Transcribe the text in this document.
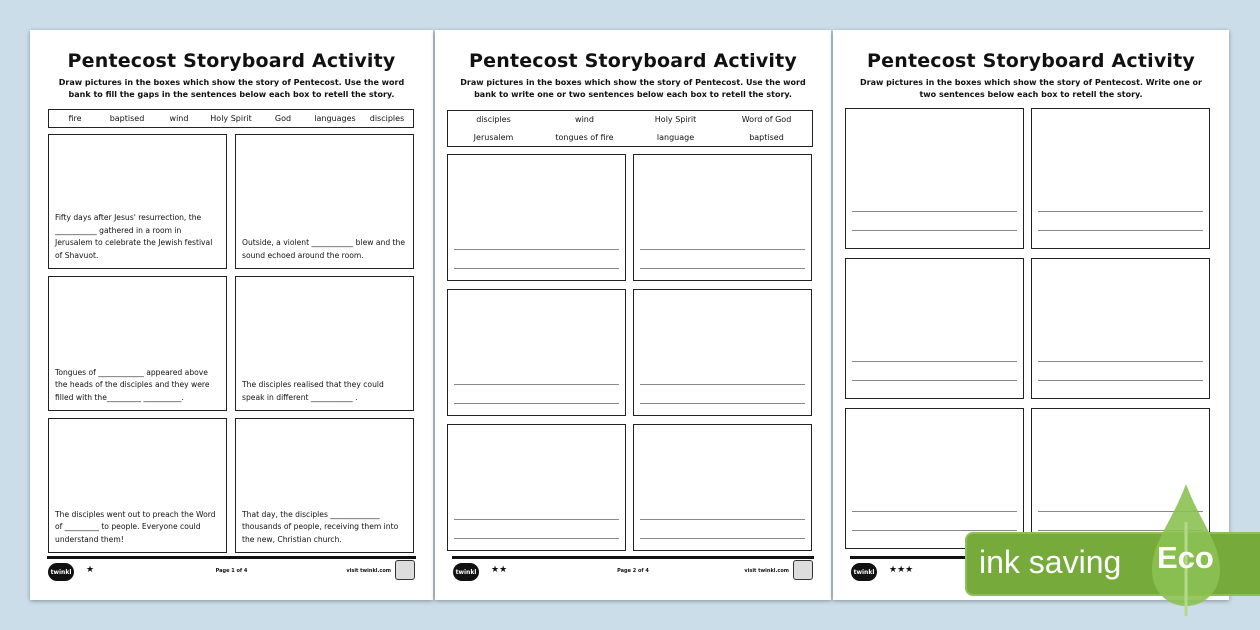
Pentecost Storyboard Activity
Draw pictures in the boxes which show the story of Pentecost. Use the word bank to fill the gaps in the sentences below each box to retell the story.
fire	baptised	wind	Holy Spirit	God	languages disciples
Fifty days after Jesus' resurrection, the ___________ gathered in a room in Jerusalem to celebrate the Jewish festival of Shavuot.
Outside, a violent ___________ blew and the sound echoed around the room.
Tongues of ____________ appeared above the heads of the disciples and they were filled with the_________ __________.
The disciples realised that they could speak in different ___________ .
The disciples went out to preach the Word of _________ to people. Everyone could understand them!
That day, the disciples _____________ thousands of people, receiving them into the new, Christian church.
twinkl ★	Page 1 of 4	visit twinkl.com
Pentecost Storyboard Activity
Draw pictures in the boxes which show the story of Pentecost. Use the word bank to write one or two sentences below each box to retell the story.
disciples	wind	Holy Spirit	Word of God
Jerusalem	tongues of fire	language	baptised
twinkl ★★	Page 2 of 4	visit twinkl.com
Pentecost Storyboard Activity
Draw pictures in the boxes which show the story of Pentecost. Write one or two sentences below each box to retell the story.
twinkl ★★★ ink saving Eco
